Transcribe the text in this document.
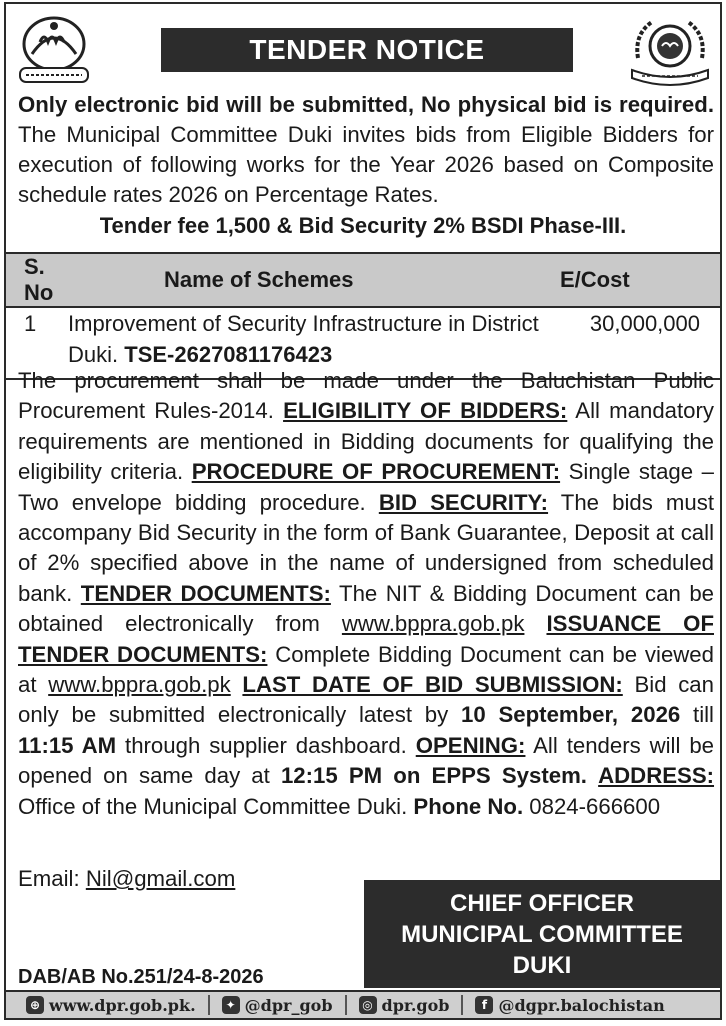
TENDER NOTICE
Only electronic bid will be submitted, No physical bid is required. The Municipal Committee Duki invites bids from Eligible Bidders for execution of following works for the Year 2026 based on Composite schedule rates 2026 on Percentage Rates.
Tender fee 1,500 & Bid Security 2% BSDI Phase-III.
S. No	Name of Schemes	E/Cost
1	Improvement of Security Infrastructure in District Duki. TSE-2627081176423	30,000,000
The procurement shall be made under the Baluchistan Public Procurement Rules-2014. ELIGIBILITY OF BIDDERS: All mandatory requirements are mentioned in Bidding documents for qualifying the eligibility criteria. PROCEDURE OF PROCUREMENT: Single stage – Two envelope bidding procedure. BID SECURITY: The bids must accompany Bid Security in the form of Bank Guarantee, Deposit at call of 2% specified above in the name of undersigned from scheduled bank. TENDER DOCUMENTS: The NIT & Bidding Document can be obtained electronically from www.bppra.gob.pk ISSUANCE OF TENDER DOCUMENTS: Complete Bidding Document can be viewed at www.bppra.gob.pk LAST DATE OF BID SUBMISSION: Bid can only be submitted electronically latest by 10 September, 2026 till 11:15 AM through supplier dashboard. OPENING: All tenders will be opened on same day at 12:15 PM on EPPS System. ADDRESS: Office of the Municipal Committee Duki. Phone No. 0824-666600
Email: Nil@gmail.com
CHIEF OFFICER
MUNICIPAL COMMITTEE
DUKI
DAB/AB No.251/24-8-2026
⊕ www.dpr.gob.pk.	✦ @dpr_gob	◎ dpr.gob	f @dgpr.balochistan
